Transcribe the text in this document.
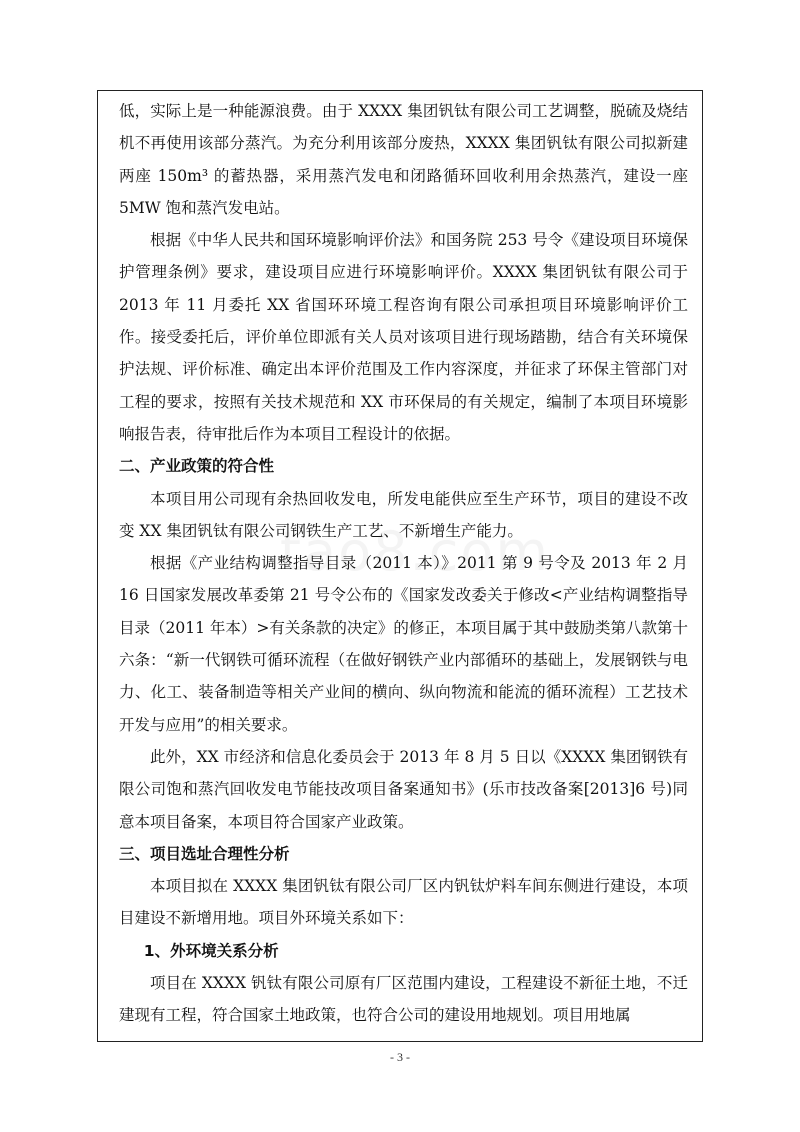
低，实际上是一种能源浪费。由于 XXXX 集团钒钛有限公司工艺调整，脱硫及烧结机不再使用该部分蒸汽。为充分利用该部分废热，XXXX 集团钒钛有限公司拟新建两座 150m³ 的蓄热器，采用蒸汽发电和闭路循环回收利用余热蒸汽，建设一座 5MW 饱和蒸汽发电站。

根据《中华人民共和国环境影响评价法》和国务院 253 号令《建设项目环境保护管理条例》要求，建设项目应进行环境影响评价。XXXX 集团钒钛有限公司于 2013 年 11 月委托 XX 省国环环境工程咨询有限公司承担项目环境影响评价工作。接受委托后，评价单位即派有关人员对该项目进行现场踏勘，结合有关环境保护法规、评价标准、确定出本评价范围及工作内容深度，并征求了环保主管部门对工程的要求，按照有关技术规范和 XX 市环保局的有关规定，编制了本项目环境影响报告表，待审批后作为本项目工程设计的依据。

二、产业政策的符合性

本项目用公司现有余热回收发电，所发电能供应至生产环节，项目的建设不改变 XX 集团钒钛有限公司钢铁生产工艺、不新增生产能力。

根据《产业结构调整指导目录（2011 本）》2011 第 9 号令及 2013 年 2 月 16 日国家发展改革委第 21 号令公布的《国家发改委关于修改<产业结构调整指导目录（2011 年本）>有关条款的决定》的修正，本项目属于其中鼓励类第八款第十六条：“新一代钢铁可循环流程（在做好钢铁产业内部循环的基础上，发展钢铁与电力、化工、装备制造等相关产业间的横向、纵向物流和能流的循环流程）工艺技术开发与应用”的相关要求。

此外，XX 市经济和信息化委员会于 2013 年 8 月 5 日以《XXXX 集团钢铁有限公司饱和蒸汽回收发电节能技改项目备案通知书》(乐市技改备案[2013]6 号)同意本项目备案，本项目符合国家产业政策。

三、项目选址合理性分析

本项目拟在 XXXX 集团钒钛有限公司厂区内钒钛炉料车间东侧进行建设，本项目建设不新增用地。项目外环境关系如下：

1、外环境关系分析

项目在 XXXX 钒钛有限公司原有厂区范围内建设，工程建设不新征土地，不迁建现有工程，符合国家土地政策，也符合公司的建设用地规划。项目用地属

- 3 -
